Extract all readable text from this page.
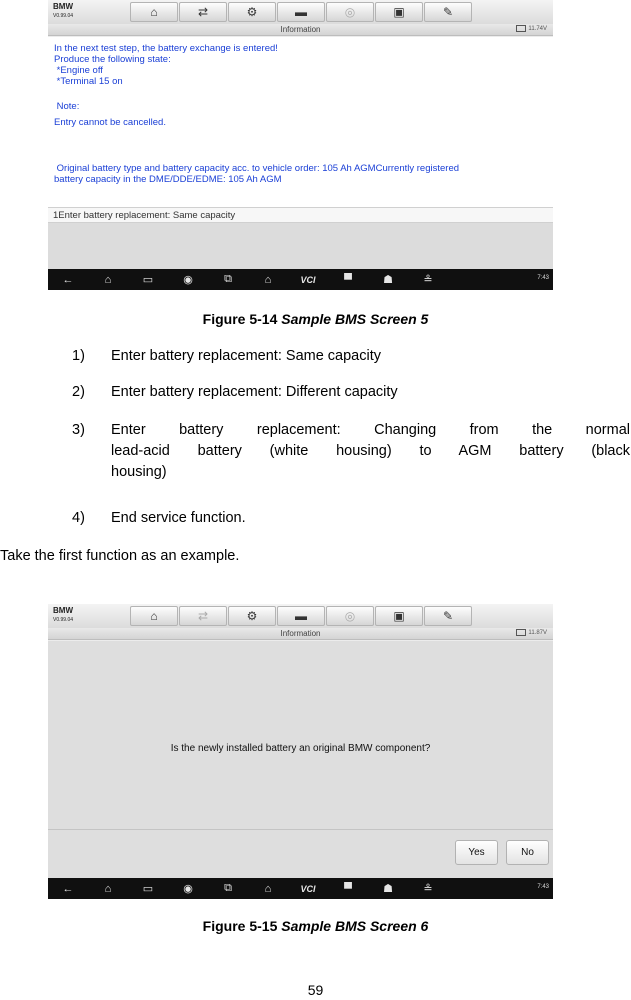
BMW
V0.99.04	⌂	⇄	⚙	▬	◎	▣	✎
Information	11.74V
In the next test step, the battery exchange is entered!
Produce the following state:
*Engine off
*Terminal 15 on
Note:
Entry cannot be cancelled.
Original battery type and battery capacity acc. to vehicle order: 105 Ah AGMCurrently registered
battery capacity in the DME/DDE/EDME: 105 Ah AGM
1Enter battery replacement: Same capacity
←	⌂	▭	◉	⧉	⌂	VCI	▀	☗	≗	7:43
Figure 5-14 Sample BMS Screen 5
1) Enter battery replacement: Same capacity
2) Enter battery replacement: Different capacity
3) Enter battery replacement: Changing from the normal
lead-acid battery (white housing) to AGM battery (black
housing)
4) End service function.
Take the first function as an example.
BMW
V0.99.04	⌂	⇄	⚙	▬	◎	▣	✎
Information	11.87V
Is the newly installed battery an original BMW component?
Yes	No
←	⌂	▭	◉	⧉	⌂	VCI	▀	☗	≗	7:43
Figure 5-15 Sample BMS Screen 6
59
